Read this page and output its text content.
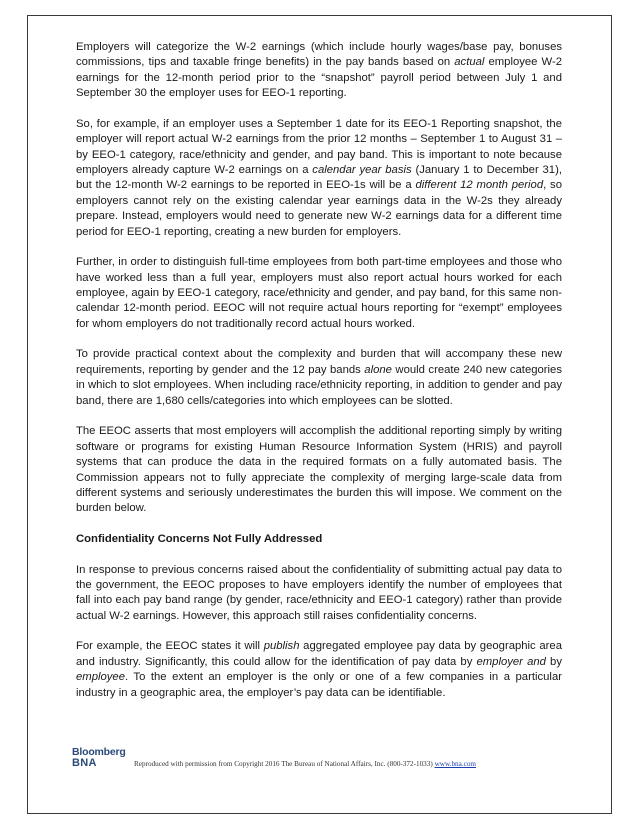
Employers will categorize the W-2 earnings (which include hourly wages/base pay, bonuses commissions, tips and taxable fringe benefits) in the pay bands based on actual employee W-2 earnings for the 12-month period prior to the “snapshot” payroll period between July 1 and September 30 the employer uses for EEO-1 reporting.

So, for example, if an employer uses a September 1 date for its EEO-1 Reporting snapshot, the employer will report actual W-2 earnings from the prior 12 months – September 1 to August 31 –by EEO-1 category, race/ethnicity and gender, and pay band. This is important to note because employers already capture W-2 earnings on a calendar year basis (January 1 to December 31), but the 12-month W-2 earnings to be reported in EEO-1s will be a different 12 month period, so employers cannot rely on the existing calendar year earnings data in the W-2s they already prepare. Instead, employers would need to generate new W-2 earnings data for a different time period for EEO-1 reporting, creating a new burden for employers.

Further, in order to distinguish full-time employees from both part-time employees and those who have worked less than a full year, employers must also report actual hours worked for each employee, again by EEO-1 category, race/ethnicity and gender, and pay band, for this same non-calendar 12-month period. EEOC will not require actual hours reporting for “exempt” employees for whom employers do not traditionally record actual hours worked.

To provide practical context about the complexity and burden that will accompany these new requirements, reporting by gender and the 12 pay bands alone would create 240 new categories in which to slot employees. When including race/ethnicity reporting, in addition to gender and pay band, there are 1,680 cells/categories into which employees can be slotted.

The EEOC asserts that most employers will accomplish the additional reporting simply by writing software or programs for existing Human Resource Information System (HRIS) and payroll systems that can produce the data in the required formats on a fully automated basis. The Commission appears not to fully appreciate the complexity of merging large-scale data from different systems and seriously underestimates the burden this will impose. We comment on the burden below.

Confidentiality Concerns Not Fully Addressed

In response to previous concerns raised about the confidentiality of submitting actual pay data to the government, the EEOC proposes to have employers identify the number of employees that fall into each pay band range (by gender, race/ethnicity and EEO-1 category) rather than provide actual W-2 earnings. However, this approach still raises confidentiality concerns.

For example, the EEOC states it will publish aggregated employee pay data by geographic area and industry. Significantly, this could allow for the identification of pay data by employer and by employee. To the extent an employer is the only or one of a few companies in a particular industry in a geographic area, the employer’s pay data can be identifiable.

Bloomberg
BNA	Reproduced with permission from Copyright 2016 The Bureau of National Affairs, Inc. (800-372-1033) www.bna.com
